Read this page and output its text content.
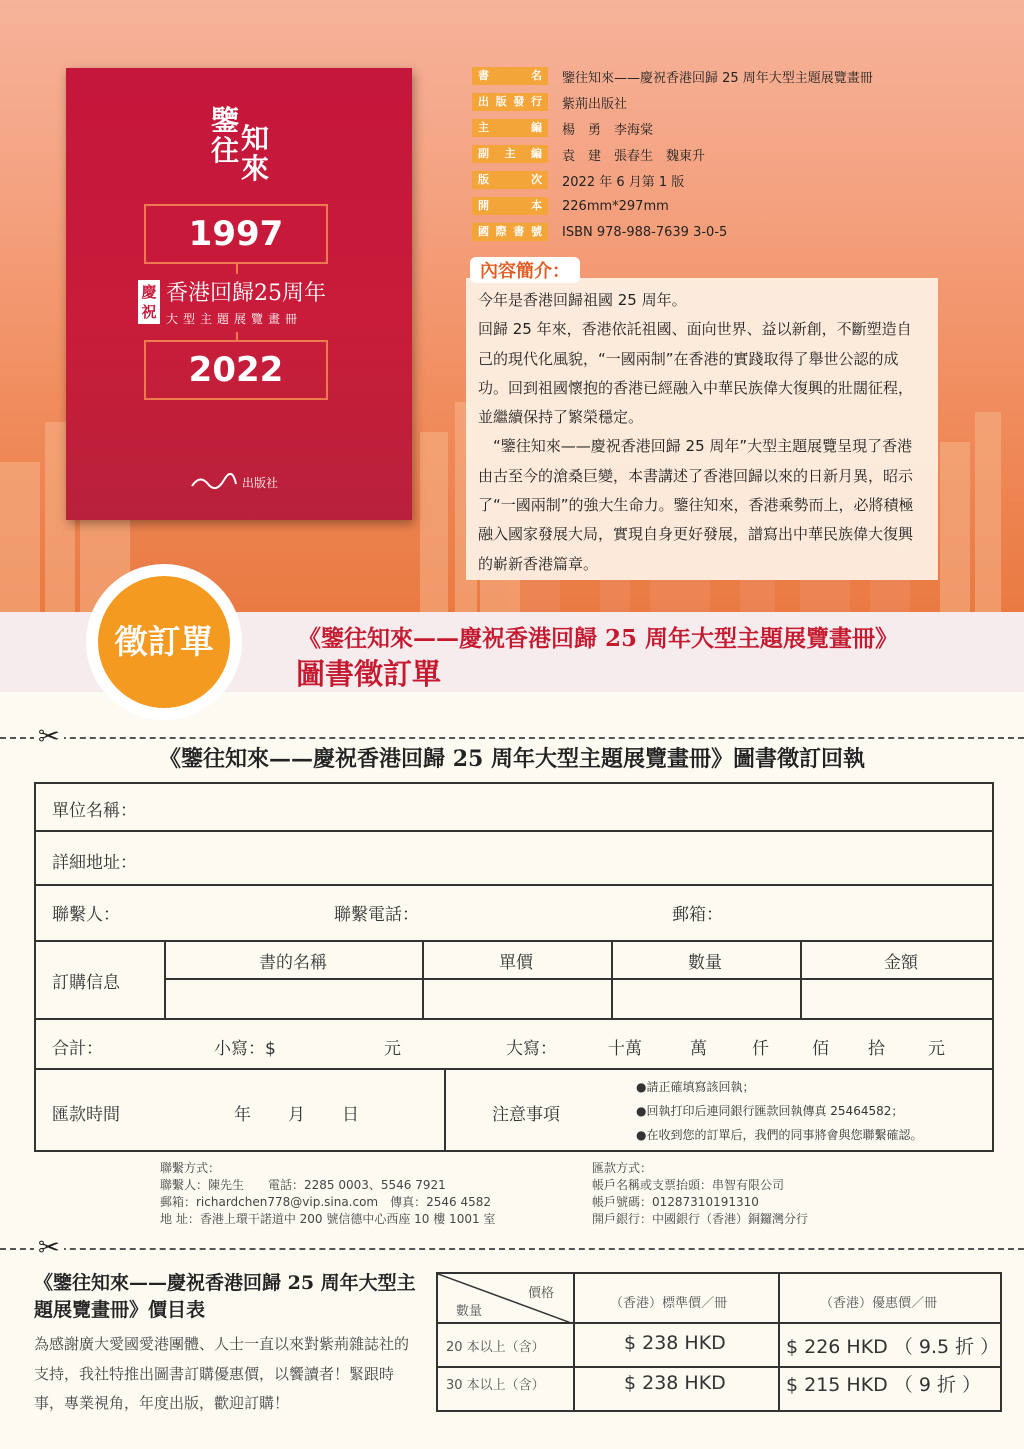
鑒往 知來
1997
慶祝
香港回歸25周年
大型主題展覽畫冊
2022
出版社
書名	鑒往知來——慶祝香港回歸 25 周年大型主題展覽畫冊
出版發行	紫荊出版社
主編	楊　勇　李海棠
副主編	袁　建　張春生　魏東升
版次	2022 年 6 月第 1 版
開本	226mm*297mm
國際書號	ISBN 978-988-7639 3-0-5

今年是香港回歸祖國 25 周年。

回歸 25 年來，香港依託祖國、面向世界、益以新創，不斷塑造自己的現代化風貌，“一國兩制”在香港的實踐取得了舉世公認的成功。回到祖國懷抱的香港已經融入中華民族偉大復興的壯闊征程，並繼續保持了繁榮穩定。

“鑒往知來——慶祝香港回歸 25 周年”大型主題展覽呈現了香港由古至今的滄桑巨變，本書講述了香港回歸以來的日新月異，昭示了“一國兩制”的強大生命力。鑒往知來，香港乘勢而上，必將積極融入國家發展大局，實現自身更好發展，譜寫出中華民族偉大復興的嶄新香港篇章。

內容簡介：
徵訂單	《鑒往知來——慶祝香港回歸 25 周年大型主題展覽畫冊》
圖書徵訂單
✂
《鑒往知來——慶祝香港回歸 25 周年大型主題展覽畫冊》圖書徵訂回執
單位名稱：
詳細地址：
聯繫人：	聯繫電話：	郵箱：
訂購信息
書的名稱	單價	數量	金額
合計：	小寫：$	元	大寫：	十萬	萬	仟	佰 拾	元
匯款時間	年 月 日	注意事項
●請正確填寫該回執；
●回執打印后連同銀行匯款回執傳真 25464582；
●在收到您的訂單后，我們的同事將會與您聯繫確認。
聯繫方式：
聯繫人：陳先生　　電話：2285 0003、5546 7921
郵箱：richardchen778@vip.sina.com　傳真：2546 4582
地 址：香港上環干諾道中 200 號信德中心西座 10 樓 1001 室
匯款方式：
帳戶名稱或支票抬頭：串智有限公司
帳戶號碼：01287310191310
開戶銀行：中國銀行（香港）銅鑼灣分行
✂
《鑒往知來——慶祝香港回歸 25 周年大型主題展覽畫冊》價目表
為感謝廣大愛國愛港團體、人士一直以來對紫荊雜誌社的支持，我社特推出圖書訂購優惠價，以饗讀者！緊跟時事，專業視角，年度出版，歡迎訂購！
價格
數量
（香港）標準價／冊	（香港）優惠價／冊
20 本以上（含）	$ 238 HKD	$ 226 HKD （ 9.5 折 ）
30 本以上（含）	$ 238 HKD	$ 215 HKD （ 9 折 ）
